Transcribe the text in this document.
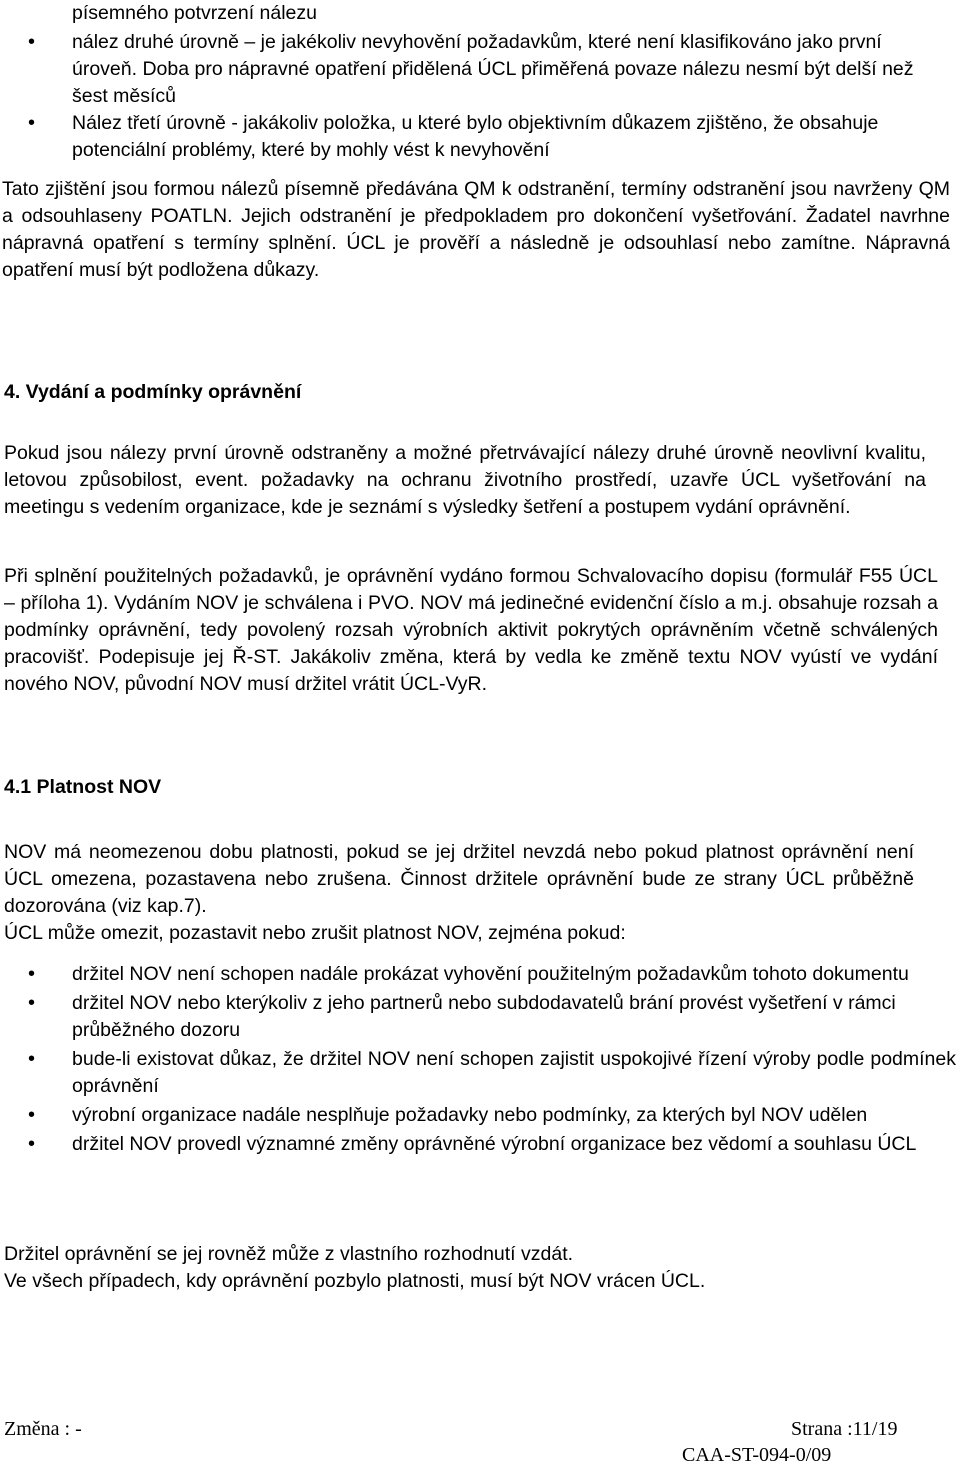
písemného potvrzení nálezu
• nález druhé úrovně – je jakékoliv nevyhovění požadavkům, které není klasifikováno jako první úroveň. Doba pro nápravné opatření přidělená ÚCL přiměřená povaze nálezu nesmí být delší než šest měsíců
• Nález třetí úrovně - jakákoliv položka, u které bylo objektivním důkazem zjištěno, že obsahuje potenciální problémy, které by mohly vést k nevyhovění

Tato zjištění jsou formou nálezů písemně předávána QM k odstranění, termíny odstranění jsou navrženy QM a odsouhlaseny POATLN. Jejich odstranění je předpokladem pro dokončení vyšetřování. Žadatel navrhne nápravná opatření s termíny splnění. ÚCL je prověří a následně je odsouhlasí nebo zamítne. Nápravná opatření musí být podložena důkazy.

4. Vydání a podmínky oprávnění

Pokud jsou nálezy první úrovně odstraněny a možné přetrvávající nálezy druhé úrovně neovlivní kvalitu, letovou způsobilost, event. požadavky na ochranu životního prostředí, uzavře ÚCL vyšetřování na meetingu s vedením organizace, kde je seznámí s výsledky šetření a postupem vydání oprávnění.

Při splnění použitelných požadavků, je oprávnění vydáno formou Schvalovacího dopisu (formulář F55 ÚCL – příloha 1). Vydáním NOV je schválena i PVO. NOV má jedinečné evidenční číslo a m.j. obsahuje rozsah a podmínky oprávnění, tedy povolený rozsah výrobních aktivit pokrytých oprávněním včetně schválených pracovišť. Podepisuje jej Ř-ST. Jakákoliv změna, která by vedla ke změně textu NOV vyústí ve vydání nového NOV, původní NOV musí držitel vrátit ÚCL-VyR.

4.1 Platnost NOV

NOV má neomezenou dobu platnosti, pokud se jej držitel nevzdá nebo pokud platnost oprávnění není ÚCL omezena, pozastavena nebo zrušena. Činnost držitele oprávnění bude ze strany ÚCL průběžně dozorována (viz kap.7).

ÚCL může omezit, pozastavit nebo zrušit platnost NOV, zejména pokud:

• držitel NOV není schopen nadále prokázat vyhovění použitelným požadavkům tohoto dokumentu
• držitel NOV nebo kterýkoliv z jeho partnerů nebo subdodavatelů brání provést vyšetření v rámci průběžného dozoru
• bude-li existovat důkaz, že držitel NOV není schopen zajistit uspokojivé řízení výroby podle podmínek oprávnění
• výrobní organizace nadále nesplňuje požadavky nebo podmínky, za kterých byl NOV udělen
• držitel NOV provedl významné změny oprávněné výrobní organizace bez vědomí a souhlasu ÚCL

Držitel oprávnění se jej rovněž může z vlastního rozhodnutí vzdát.

Ve všech případech, kdy oprávnění pozbylo platnosti, musí být NOV vrácen ÚCL.

Změna : -	Strana :11/19
CAA-ST-094-0/09
